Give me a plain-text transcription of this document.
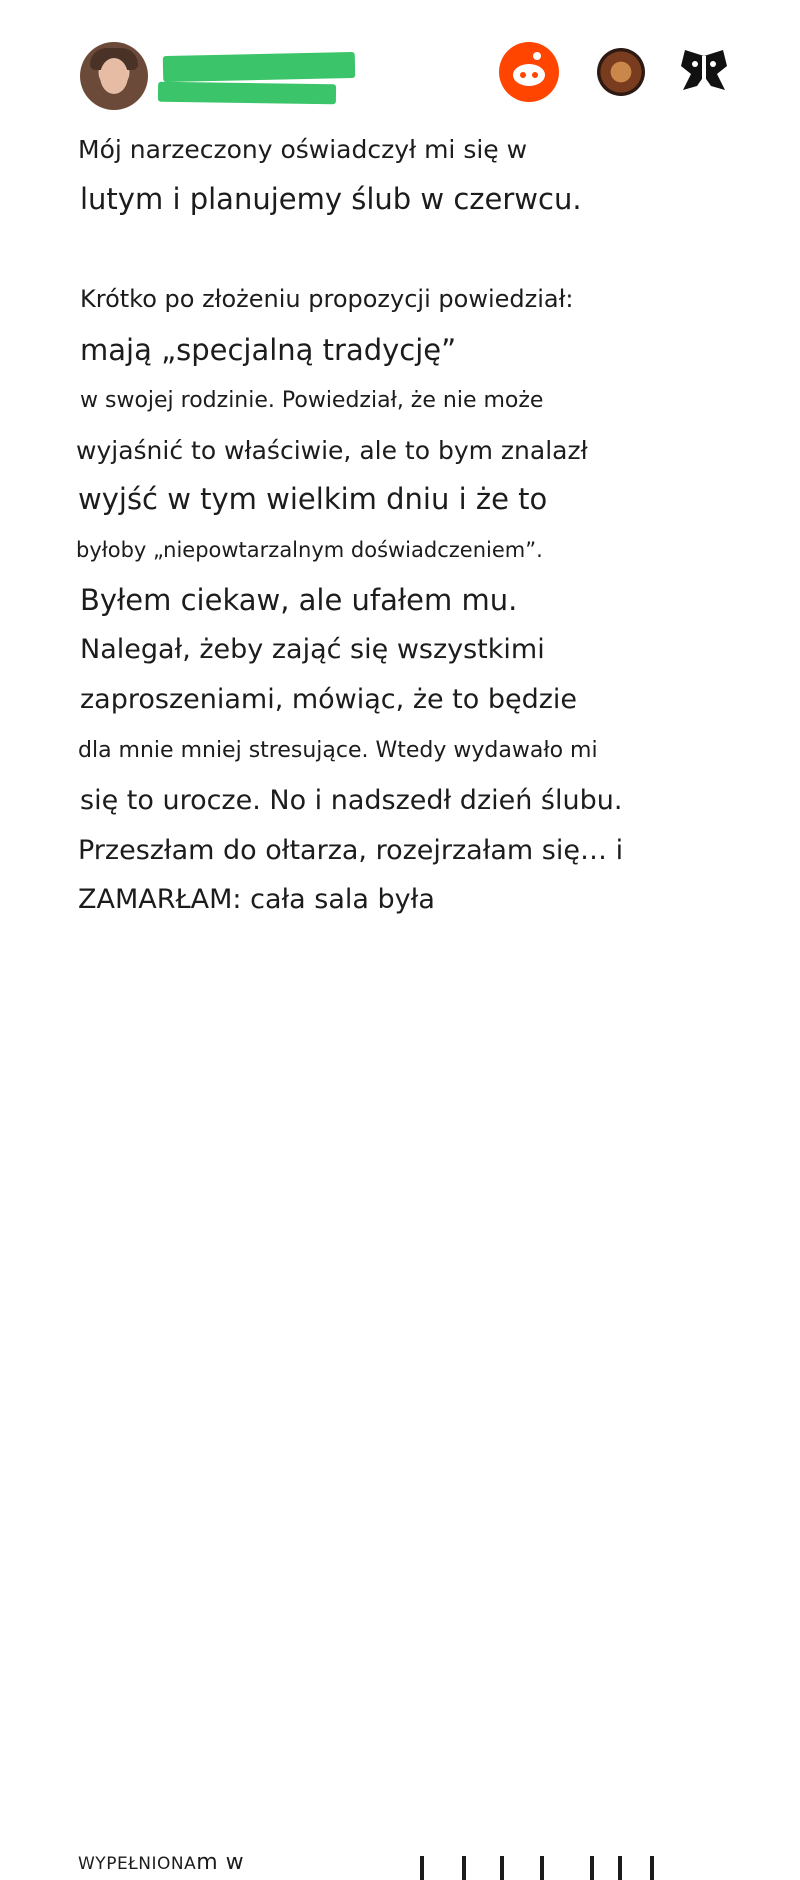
Mój narzeczony oświadczył mi się w
lutym i planujemy ślub w czerwcu.
Krótko po złożeniu propozycji powiedział:
mają „specjalną tradycję”
w swojej rodzinie. Powiedział, że nie może
wyjaśnić to właściwie, ale to bym znalazł
wyjść w tym wielkim dniu i że to
byłoby „niepowtarzalnym doświadczeniem”.
Byłem ciekaw, ale ufałem mu.
Nalegał, żeby zająć się wszystkimi
zaproszeniami, mówiąc, że to będzie
dla mnie mniej stresujące. Wtedy wydawało mi
się to urocze. No i nadszedł dzień ślubu.
Przeszłam do ołtarza, rozejrzałam się… i
ZAMARŁAM: cała sala była
WYPEŁNIONAm w
